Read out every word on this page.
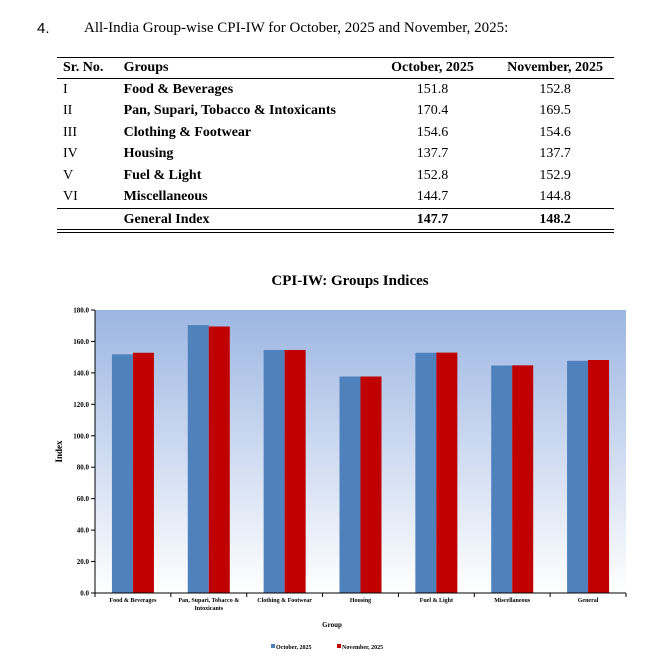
4. All-India Group-wise CPI-IW for October, 2025 and November, 2025:
Sr. No.	Groups	October, 2025	November, 2025
I	Food & Beverages	151.8	152.8
II	Pan, Supari, Tobacco & Intoxicants	170.4	169.5
III	Clothing & Footwear	154.6	154.6
IV	Housing	137.7	137.7
V	Fuel & Light	152.8	152.9
VI	Miscellaneous	144.7	144.8
	General Index	147.7	148.2
CPI-IW: Groups Indices
0.0
20.0
40.0
60.0
80.0
100.0
120.0
140.0
160.0
180.0
Food & Beverages	Pan, Supari, Tobacco & Intoxicants
Clothing & Footwear	Housing	Fuel & Light	Miscellaneous	General
Index
Group
October, 2025	November, 2025
